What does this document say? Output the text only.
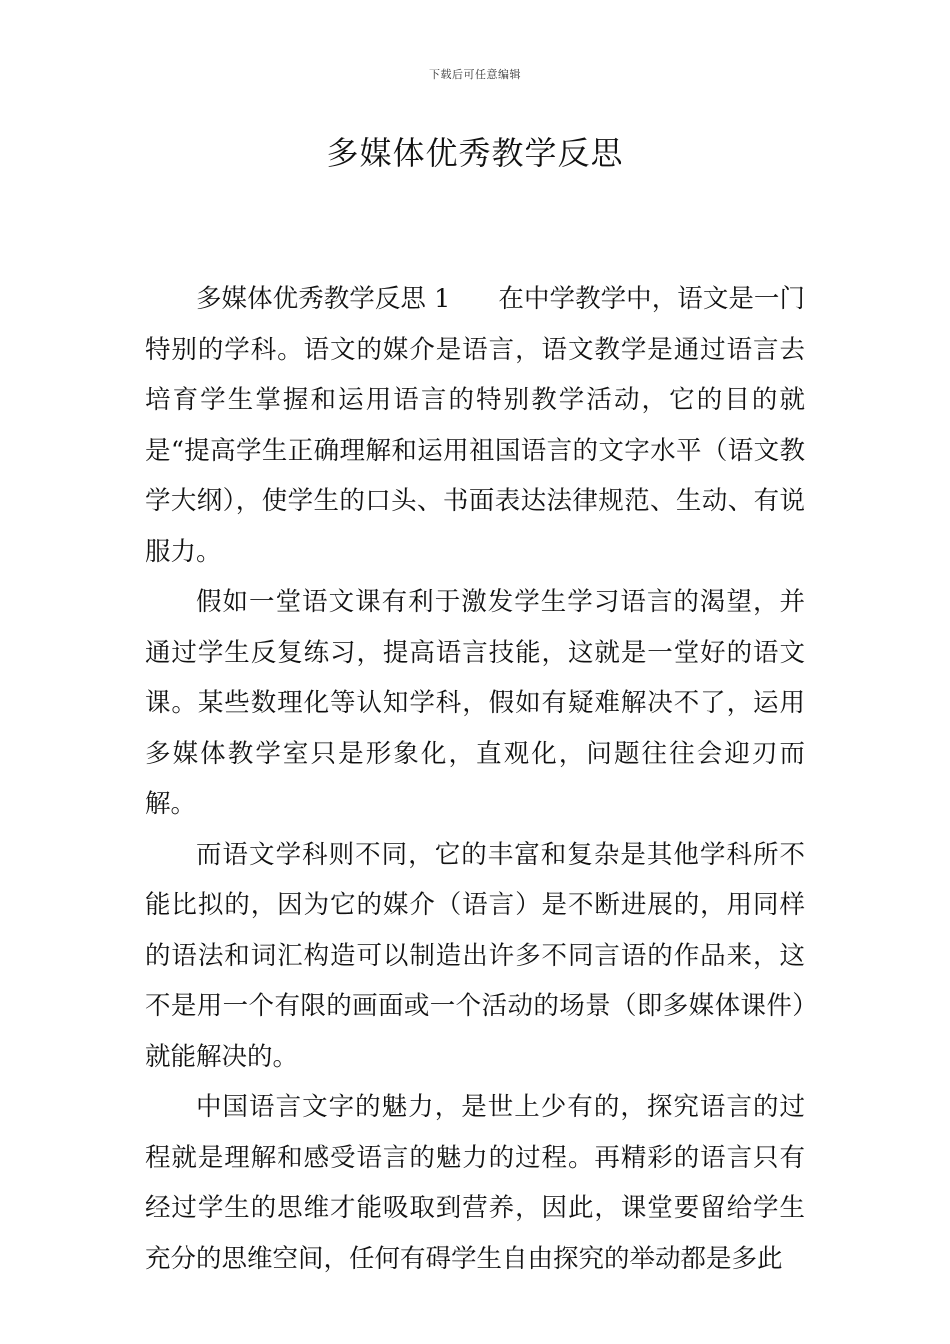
下载后可任意编辑
多媒体优秀教学反思

多媒体优秀教学反思 1 在中学教学中，语文是一门特别的学科。语文的媒介是语言，语文教学是通过语言去培育学生掌握和运用语言的特别教学活动，它的目的就是“提高学生正确理解和运用祖国语言的文字水平（语文教学大纲），使学生的口头、书面表达法律规范、生动、有说服力。

假如一堂语文课有利于激发学生学习语言的渴望，并通过学生反复练习，提高语言技能，这就是一堂好的语文课。某些数理化等认知学科，假如有疑难解决不了，运用多媒体教学室只是形象化，直观化，问题往往会迎刃而解。

而语文学科则不同，它的丰富和复杂是其他学科所不能比拟的，因为它的媒介（语言）是不断进展的，用同样的语法和词汇构造可以制造出许多不同言语的作品来，这不是用一个有限的画面或一个活动的场景（即多媒体课件）就能解决的。

中国语言文字的魅力，是世上少有的，探究语言的过程就是理解和感受语言的魅力的过程。再精彩的语言只有经过学生的思维才能吸取到营养，因此，课堂要留给学生充分的思维空间，任何有碍学生自由探究的举动都是多此
